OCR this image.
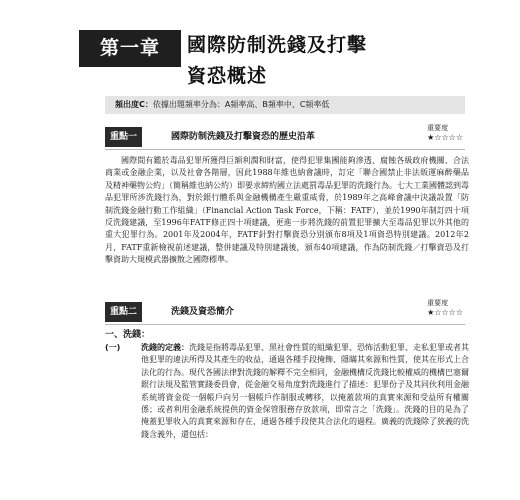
第一章	國際防制洗錢及打擊
資恐概述
頻出度C：依據出題頻率分為：A頻率高、B頻率中、C頻率低
重點一	國際防制洗錢及打擊資恐的歷史沿革
重要度
★☆☆☆☆
國際間有鑑於毒品犯罪所獲得巨額利潤和財富，使得犯罪集團能夠滲透、腐蝕各級政府機關、合法商業或金融企業，以及社會各階層，因此1988年維也納會議時，訂定「聯合國禁止非法販運麻醉藥品及精神藥物公約」（簡稱維也納公約）即要求締約國立法處罰毒品犯罪的洗錢行為。七大工業國體認到毒品犯罪所涉洗錢行為，對於銀行體系與金融機構產生嚴重威脅，於1989年之高峰會議中決議設置「防制洗錢金融行動工作組織」（Financial Action Task Force，下稱：FATF），並於1990年制訂四十項反洗錢建議，至1996年FATF修正四十項建議，更進一步將洗錢的前置犯罪擴大至毒品犯罪以外其他的重大犯罪行為。2001年及2004年，FATF針對打擊資恐分別頒布8項及1項資恐特別建議。2012年2月，FATF重新檢視前述建議，整併建議及特別建議後，頒布40項建議，作為防制洗錢／打擊資恐及打擊資助大規模武器擴散之國際標準。
重點二	洗錢及資恐簡介
重要度
★☆☆☆☆
一、洗錢：
(一)	洗錢的定義：洗錢是指將毒品犯罪、黑社會性質的組織犯罪、恐怖活動犯罪、走私犯罪或者其他犯罪的違法所得及其產生的收益，通過各種手段掩飾、隱瞞其來源和性質，使其在形式上合法化的行為。現代各國法律對洗錢的解釋不完全相同，金融機構反洗錢比較權威的機構巴塞爾銀行法規及監管實踐委員會，從金融交易角度對洗錢進行了描述：犯罪份子及其同伙利用金融系統將資金從一個帳戶向另一個帳戶作制服或轉移，以掩蓋款項的真實來源和受益所有權關係；或者利用金融系統提供的資金保管服務存放款項，即常言之「洗錢」。洗錢的目的是為了掩蓋犯罪收入的真實來源和存在，通過各種手段使其合法化的過程。廣義的洗錢除了狹義的洗錢含義外，還包括：
